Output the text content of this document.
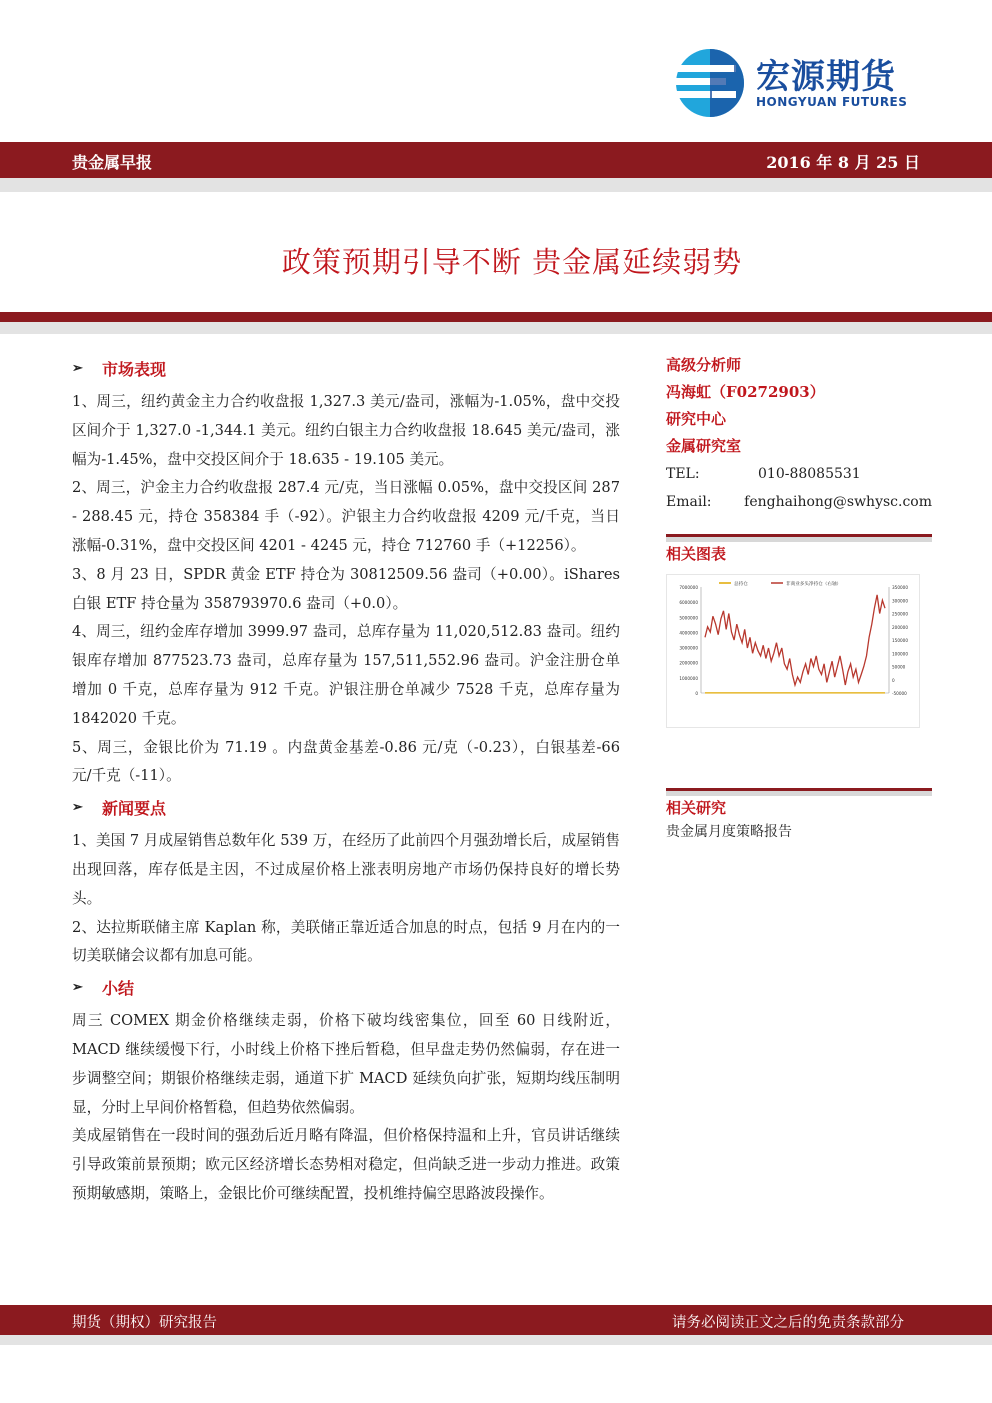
宏源期货
HONGYUAN FUTURES
贵金属早报	2016 年 8 月 25 日
政策预期引导不断 贵金属延续弱势
➢	市场表现

1、周三，纽约黄金主力合约收盘报 1,327.3 美元/盎司，涨幅为-1.05%，盘中交投区间介于 1,327.0 -1,344.1 美元。纽约白银主力合约收盘报 18.645 美元/盎司，涨幅为-1.45%，盘中交投区间介于 18.635 - 19.105 美元。

2、周三，沪金主力合约收盘报 287.4 元/克，当日涨幅 0.05%，盘中交投区间 287 - 288.45 元，持仓 358384 手（-92）。沪银主力合约收盘报 4209 元/千克，当日涨幅-0.31%，盘中交投区间 4201 - 4245 元，持仓 712760 手（+12256）。

3、8 月 23 日，SPDR 黄金 ETF 持仓为 30812509.56 盎司（+0.00）。iShares 白银 ETF 持仓量为 358793970.6 盎司（+0.0）。

4、周三，纽约金库存增加 3999.97 盎司，总库存量为 11,020,512.83 盎司。纽约银库存增加 877523.73 盎司，总库存量为 157,511,552.96 盎司。沪金注册仓单增加 0 千克，总库存量为 912 千克。沪银注册仓单减少 7528 千克，总库存量为 1842020 千克。

5、周三，金银比价为 71.19 。内盘黄金基差-0.86 元/克（-0.23），白银基差-66 元/千克（-11）。

➢	新闻要点

1、美国 7 月成屋销售总数年化 539 万，在经历了此前四个月强劲增长后，成屋销售出现回落，库存低是主因，不过成屋价格上涨表明房地产市场仍保持良好的增长势头。

2、达拉斯联储主席 Kaplan 称，美联储正靠近适合加息的时点，包括 9 月在内的一切美联储会议都有加息可能。

➢	小结

周三 COMEX 期金价格继续走弱，价格下破均线密集位，回至 60 日线附近，MACD 继续缓慢下行，小时线上价格下挫后暂稳，但早盘走势仍然偏弱，存在进一步调整空间；期银价格继续走弱，通道下扩 MACD 延续负向扩张，短期均线压制明显，分时上早间价格暂稳，但趋势依然偏弱。

美成屋销售在一段时间的强劲后近月略有降温，但价格保持温和上升，官员讲话继续引导政策前景预期；欧元区经济增长态势相对稳定，但尚缺乏进一步动力推进。政策预期敏感期，策略上，金银比价可继续配置，投机维持偏空思路波段操作。

高级分析师
冯海虹（F0272903）
研究中心
金属研究室
TEL:	010-88085531
Email:	fenghaihong@swhysc.com
相关图表
0
1000000
2000000
3000000
4000000
5000000
6000000
7000000
-50000
0
50000
100000
150000
200000
250000
300000
350000
总持仓	非商业多头净持仓（右轴）
相关研究
贵金属月度策略报告
期货（期权）研究报告	请务必阅读正文之后的免责条款部分
